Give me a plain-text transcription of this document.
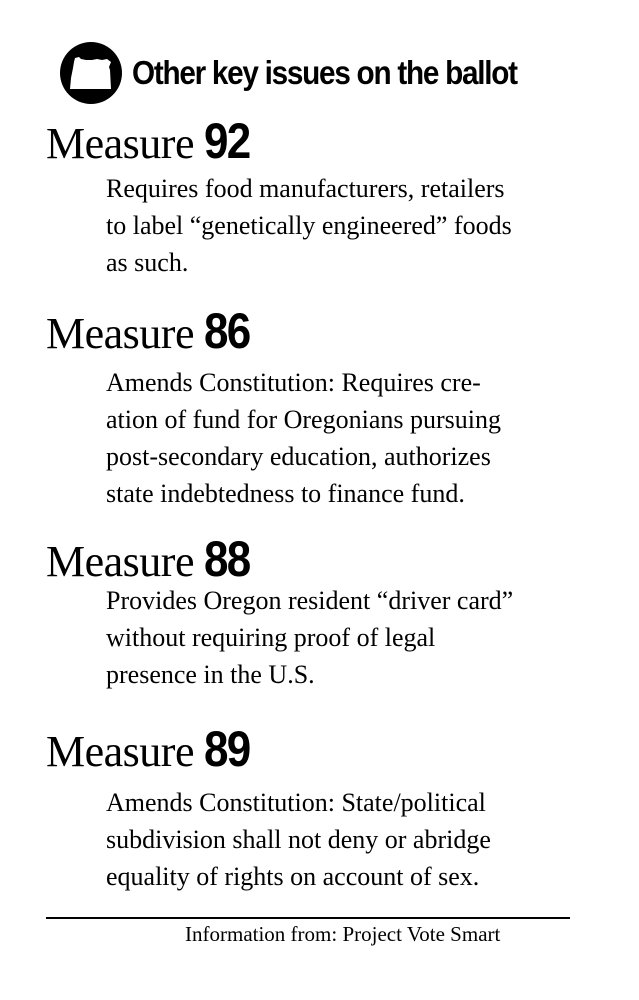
Other key issues on the ballot
Measure 92

Requires food manufacturers, retailers
to label “genetically engineered” foods
as such.

Measure 86

Amends Constitution: Requires cre-
ation of fund for Oregonians pursuing
post-secondary education, authorizes
state indebtedness to finance fund.

Measure 88

Provides Oregon resident “driver card”
without requiring proof of legal
presence in the U.S.

Measure 89

Amends Constitution: State/political
subdivision shall not deny or abridge
equality of rights on account of sex.

Information from: Project Vote Smart
